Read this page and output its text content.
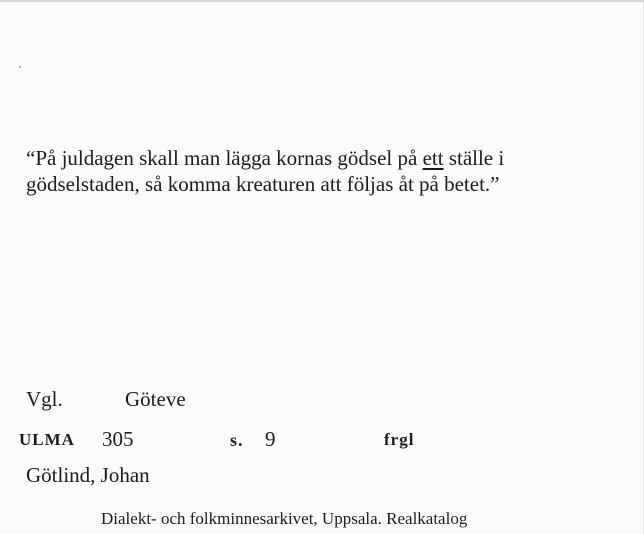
“På juldagen skall man lägga kornas gödsel på ett ställe i
gödselstaden, så komma kreaturen att följas åt på betet.”

Vgl.	Göteve
ULMA 305	s. 9	frgl
Götlind, Johan
Dialekt- och folkminnesarkivet, Uppsala. Realkatalog
